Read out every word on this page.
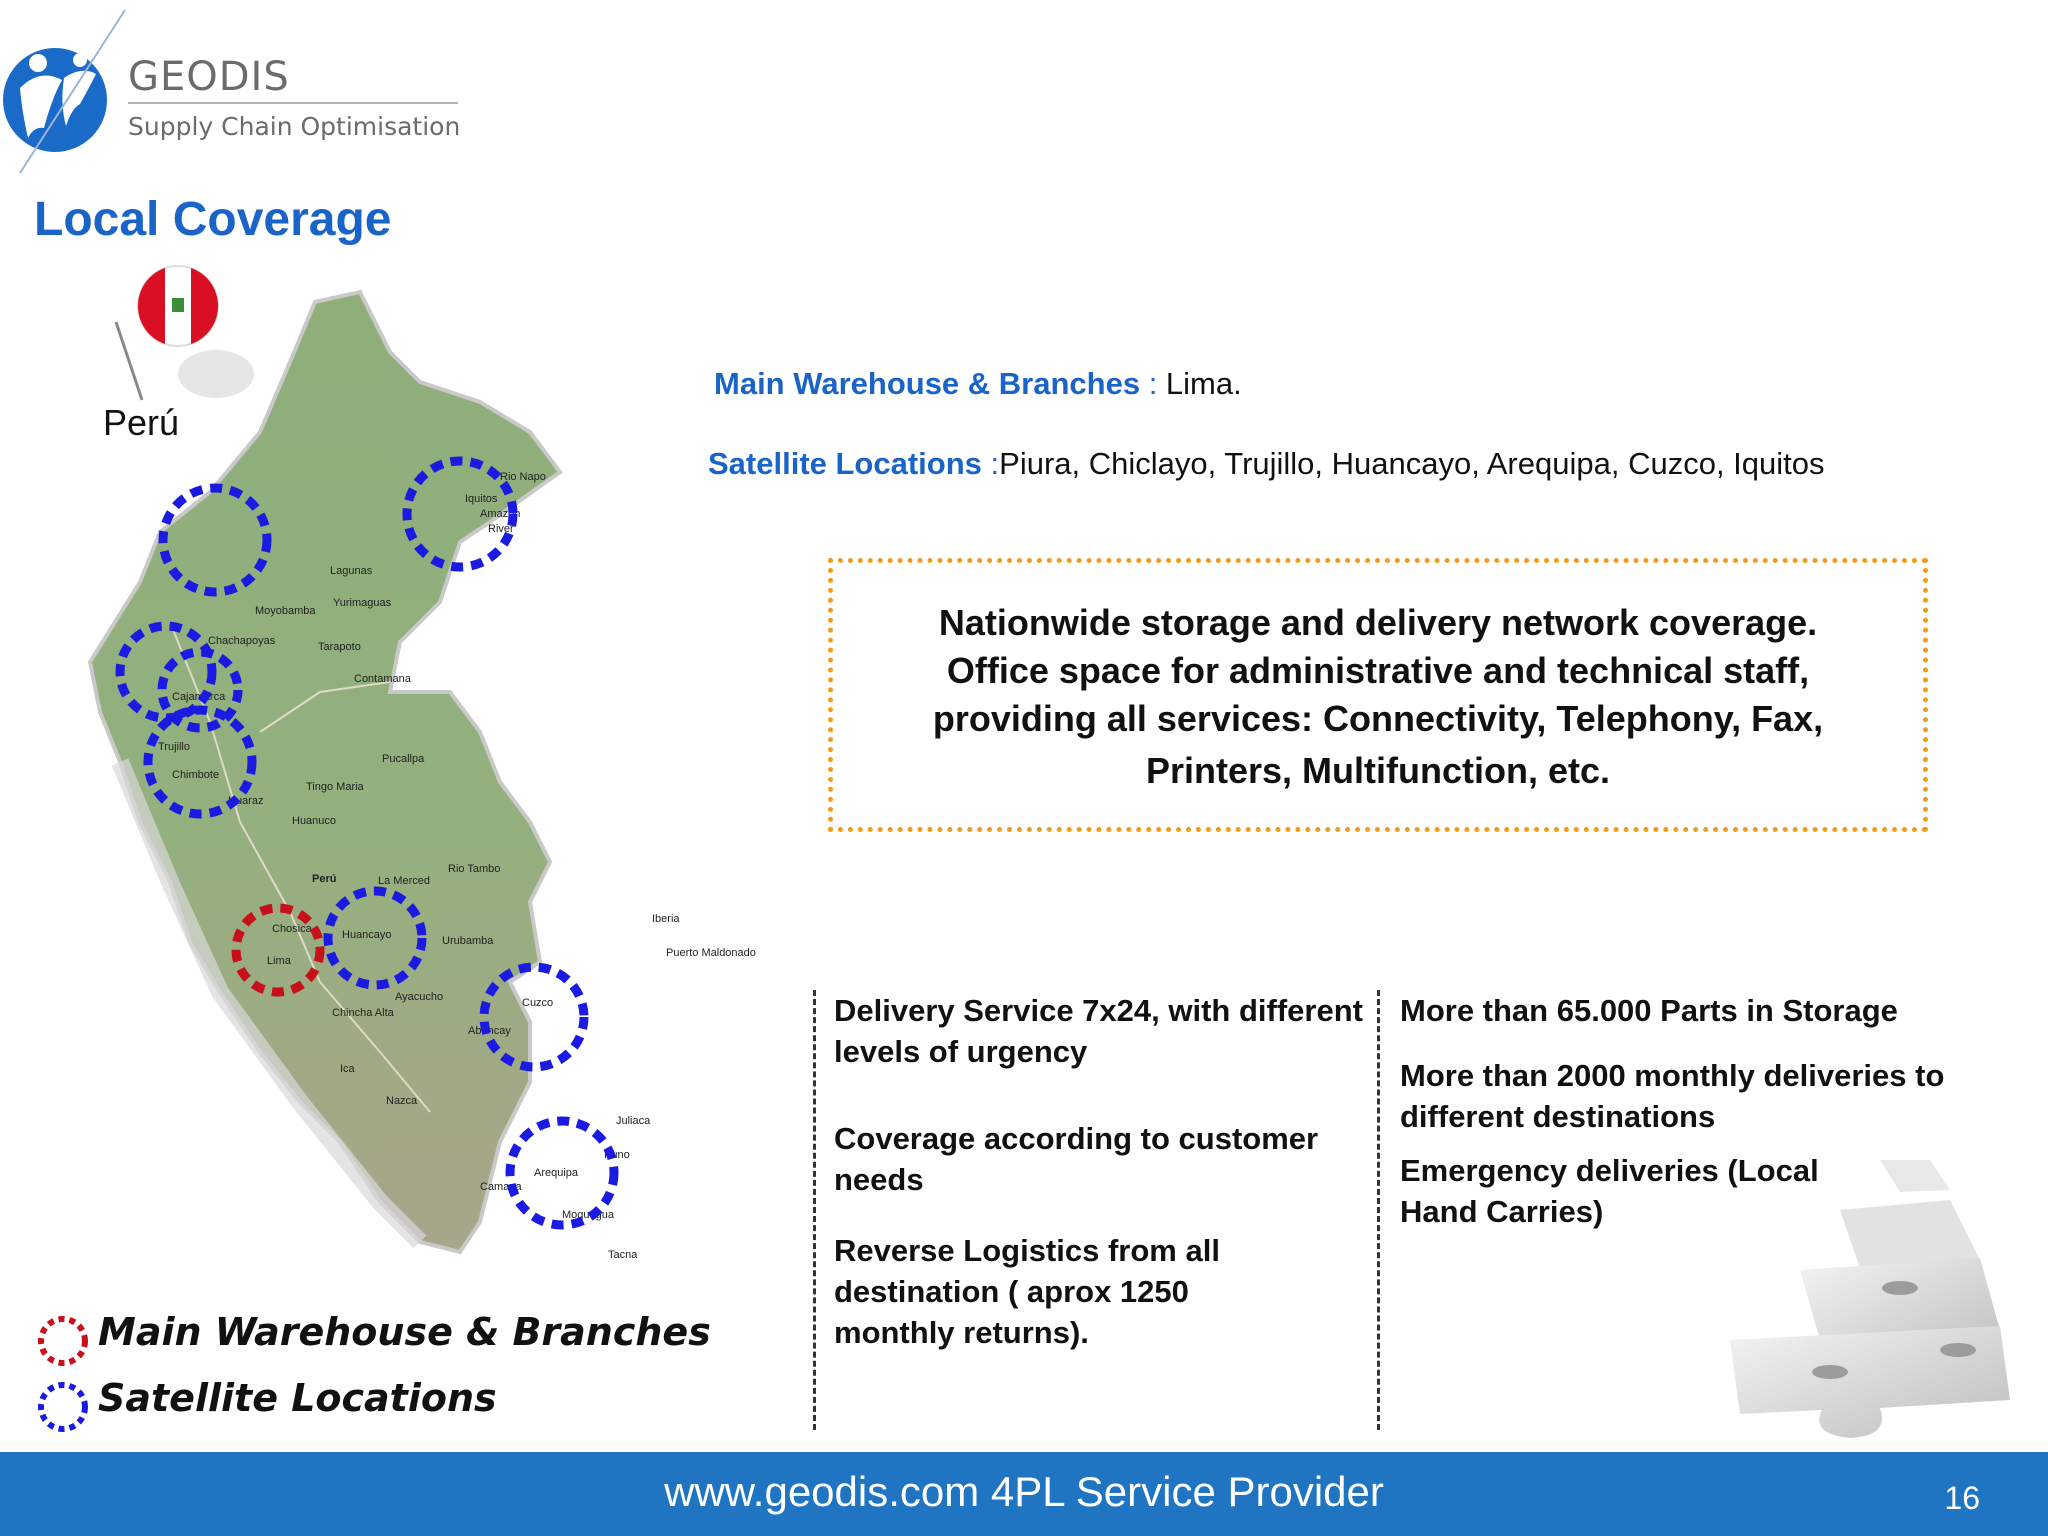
GEODIS
Supply Chain Optimisation
Local Coverage
Iquitos
Amazon
River
Rio Napo
Lagunas
Yurimaguas
Moyobamba
Tarapoto
Chachapoyas
Cajamarca
Trujillo
Chimbote
Huaraz
Contamana
Pucallpa
Tingo Maria
Huanuco
Rio Tambo
La Merced
Huancayo
Lima
Chosica
Ayacucho	Cuzco
Abancay
Puerto Maldonado
Iberia
Urubamba
Juliaca
Puno
Arequipa
Moquegua
Tacna
Ica
Nazca
Camana
Chincha Alta
Perú
Perú
Main Warehouse & Branches : Lima.
Satellite Locations :Piura, Chiclayo, Trujillo, Huancayo, Arequipa, Cuzco, Iquitos
Nationwide storage and delivery network coverage.
Office space for administrative and technical staff,
providing all services: Connectivity, Telephony, Fax,
Printers, Multifunction, etc.
Delivery Service 7x24, with different levels of urgency
Coverage according to customer needs
Reverse Logistics from all destination ( aprox 1250 monthly returns).
More than 65.000 Parts in Storage
More than 2000 monthly deliveries to different destinations
Emergency deliveries (Local Hand Carries)
Main Warehouse & Branches
Satellite Locations
www.geodis.com 4PL Service Provider	16
